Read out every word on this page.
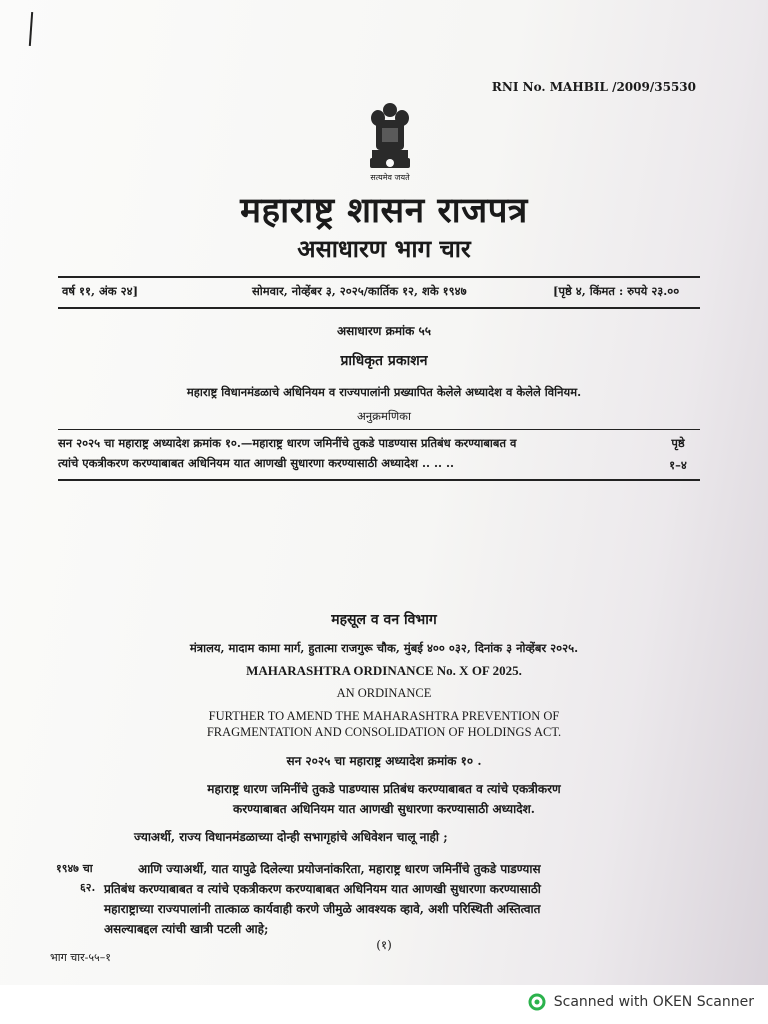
RNI No. MAHBIL /2009/35530
सत्यमेव जयते
महाराष्ट्र शासन राजपत्र
असाधारण भाग चार
वर्ष ११, अंक २४]	सोमवार, नोव्हेंबर ३, २०२५/कार्तिक १२, शके १९४७	[पृष्ठे ४, किंमत : रुपये २३.००
असाधारण क्रमांक ५५
प्राधिकृत प्रकाशन
महाराष्ट्र विधानमंडळाचे अधिनियम व राज्यपालांनी प्रख्यापित केलेले अध्यादेश व केलेले विनियम.
अनुक्रमणिका
सन २०२५ चा महाराष्ट्र अध्यादेश क्रमांक १०.—महाराष्ट्र धारण जमिनींचे तुकडे पाडण्यास प्रतिबंध करण्याबाबत व
त्यांचे एकत्रीकरण करण्याबाबत अधिनियम यात आणखी सुधारणा करण्यासाठी अध्यादेश .. .. ..
पृष्ठे
१–४
महसूल व वन विभाग
मंत्रालय, मादाम कामा मार्ग, हुतात्मा राजगुरू चौक, मुंबई ४०० ०३२, दिनांक ३ नोव्हेंबर २०२५.
MAHARASHTRA ORDINANCE No. X OF 2025.
AN ORDINANCE
FURTHER TO AMEND THE MAHARASHTRA PREVENTION OF
FRAGMENTATION AND CONSOLIDATION OF HOLDINGS ACT.
सन २०२५ चा महाराष्ट्र अध्यादेश क्रमांक १० .
महाराष्ट्र धारण जमिनींचे तुकडे पाडण्यास प्रतिबंध करण्याबाबत व त्यांचे एकत्रीकरण
करण्याबाबत अधिनियम यात आणखी सुधारणा करण्यासाठी अध्यादेश.
ज्याअर्थी, राज्य विधानमंडळाच्या दोन्ही सभागृहांचे अधिवेशन चालू नाही ;
१९४७ चा
६२.
आणि ज्याअर्थी, यात यापुढे दिलेल्या प्रयोजनांकरिता, महाराष्ट्र धारण जमिनींचे तुकडे पाडण्यास
प्रतिबंध करण्याबाबत व त्यांचे एकत्रीकरण करण्याबाबत अधिनियम यात आणखी सुधारणा करण्यासाठी
महाराष्ट्राच्या राज्यपालांनी तात्काळ कार्यवाही करणे जीमुळे आवश्यक व्हावे, अशी परिस्थिती अस्तित्वात
असल्याबद्दल त्यांची खात्री पटली आहे;
(१)
भाग चार-५५–१
Scanned with OKEN Scanner
